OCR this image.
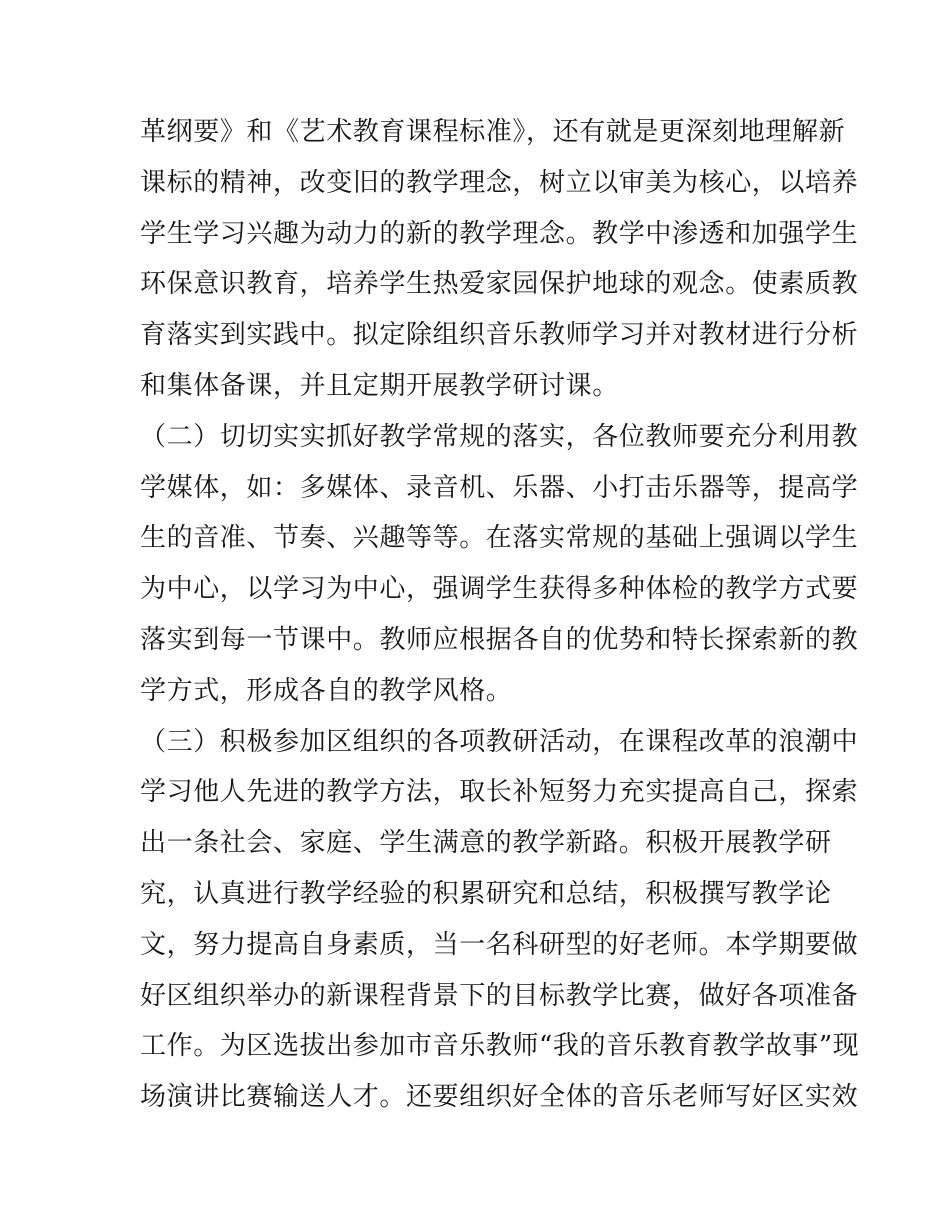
革纲要》和《艺术教育课程标准》，还有就是更深刻地理解新
课标的精神，改变旧的教学理念，树立以审美为核心，以培养
学生学习兴趣为动力的新的教学理念。教学中渗透和加强学生
环保意识教育，培养学生热爱家园保护地球的观念。使素质教
育落实到实践中。拟定除组织音乐教师学习并对教材进行分析
和集体备课，并且定期开展教学研讨课。
（二）切切实实抓好教学常规的落实，各位教师要充分利用教
学媒体，如：多媒体、录音机、乐器、小打击乐器等，提高学
生的音准、节奏、兴趣等等。在落实常规的基础上强调以学生
为中心，以学习为中心，强调学生获得多种体检的教学方式要
落实到每一节课中。教师应根据各自的优势和特长探索新的教
学方式，形成各自的教学风格。
（三）积极参加区组织的各项教研活动，在课程改革的浪潮中
学习他人先进的教学方法，取长补短努力充实提高自己，探索
出一条社会、家庭、学生满意的教学新路。积极开展教学研
究，认真进行教学经验的积累研究和总结，积极撰写教学论
文，努力提高自身素质，当一名科研型的好老师。本学期要做
好区组织举办的新课程背景下的目标教学比赛，做好各项准备
工作。为区选拔出参加市音乐教师“我的音乐教育教学故事”现
场演讲比赛输送人才。还要组织好全体的音乐老师写好区实效
